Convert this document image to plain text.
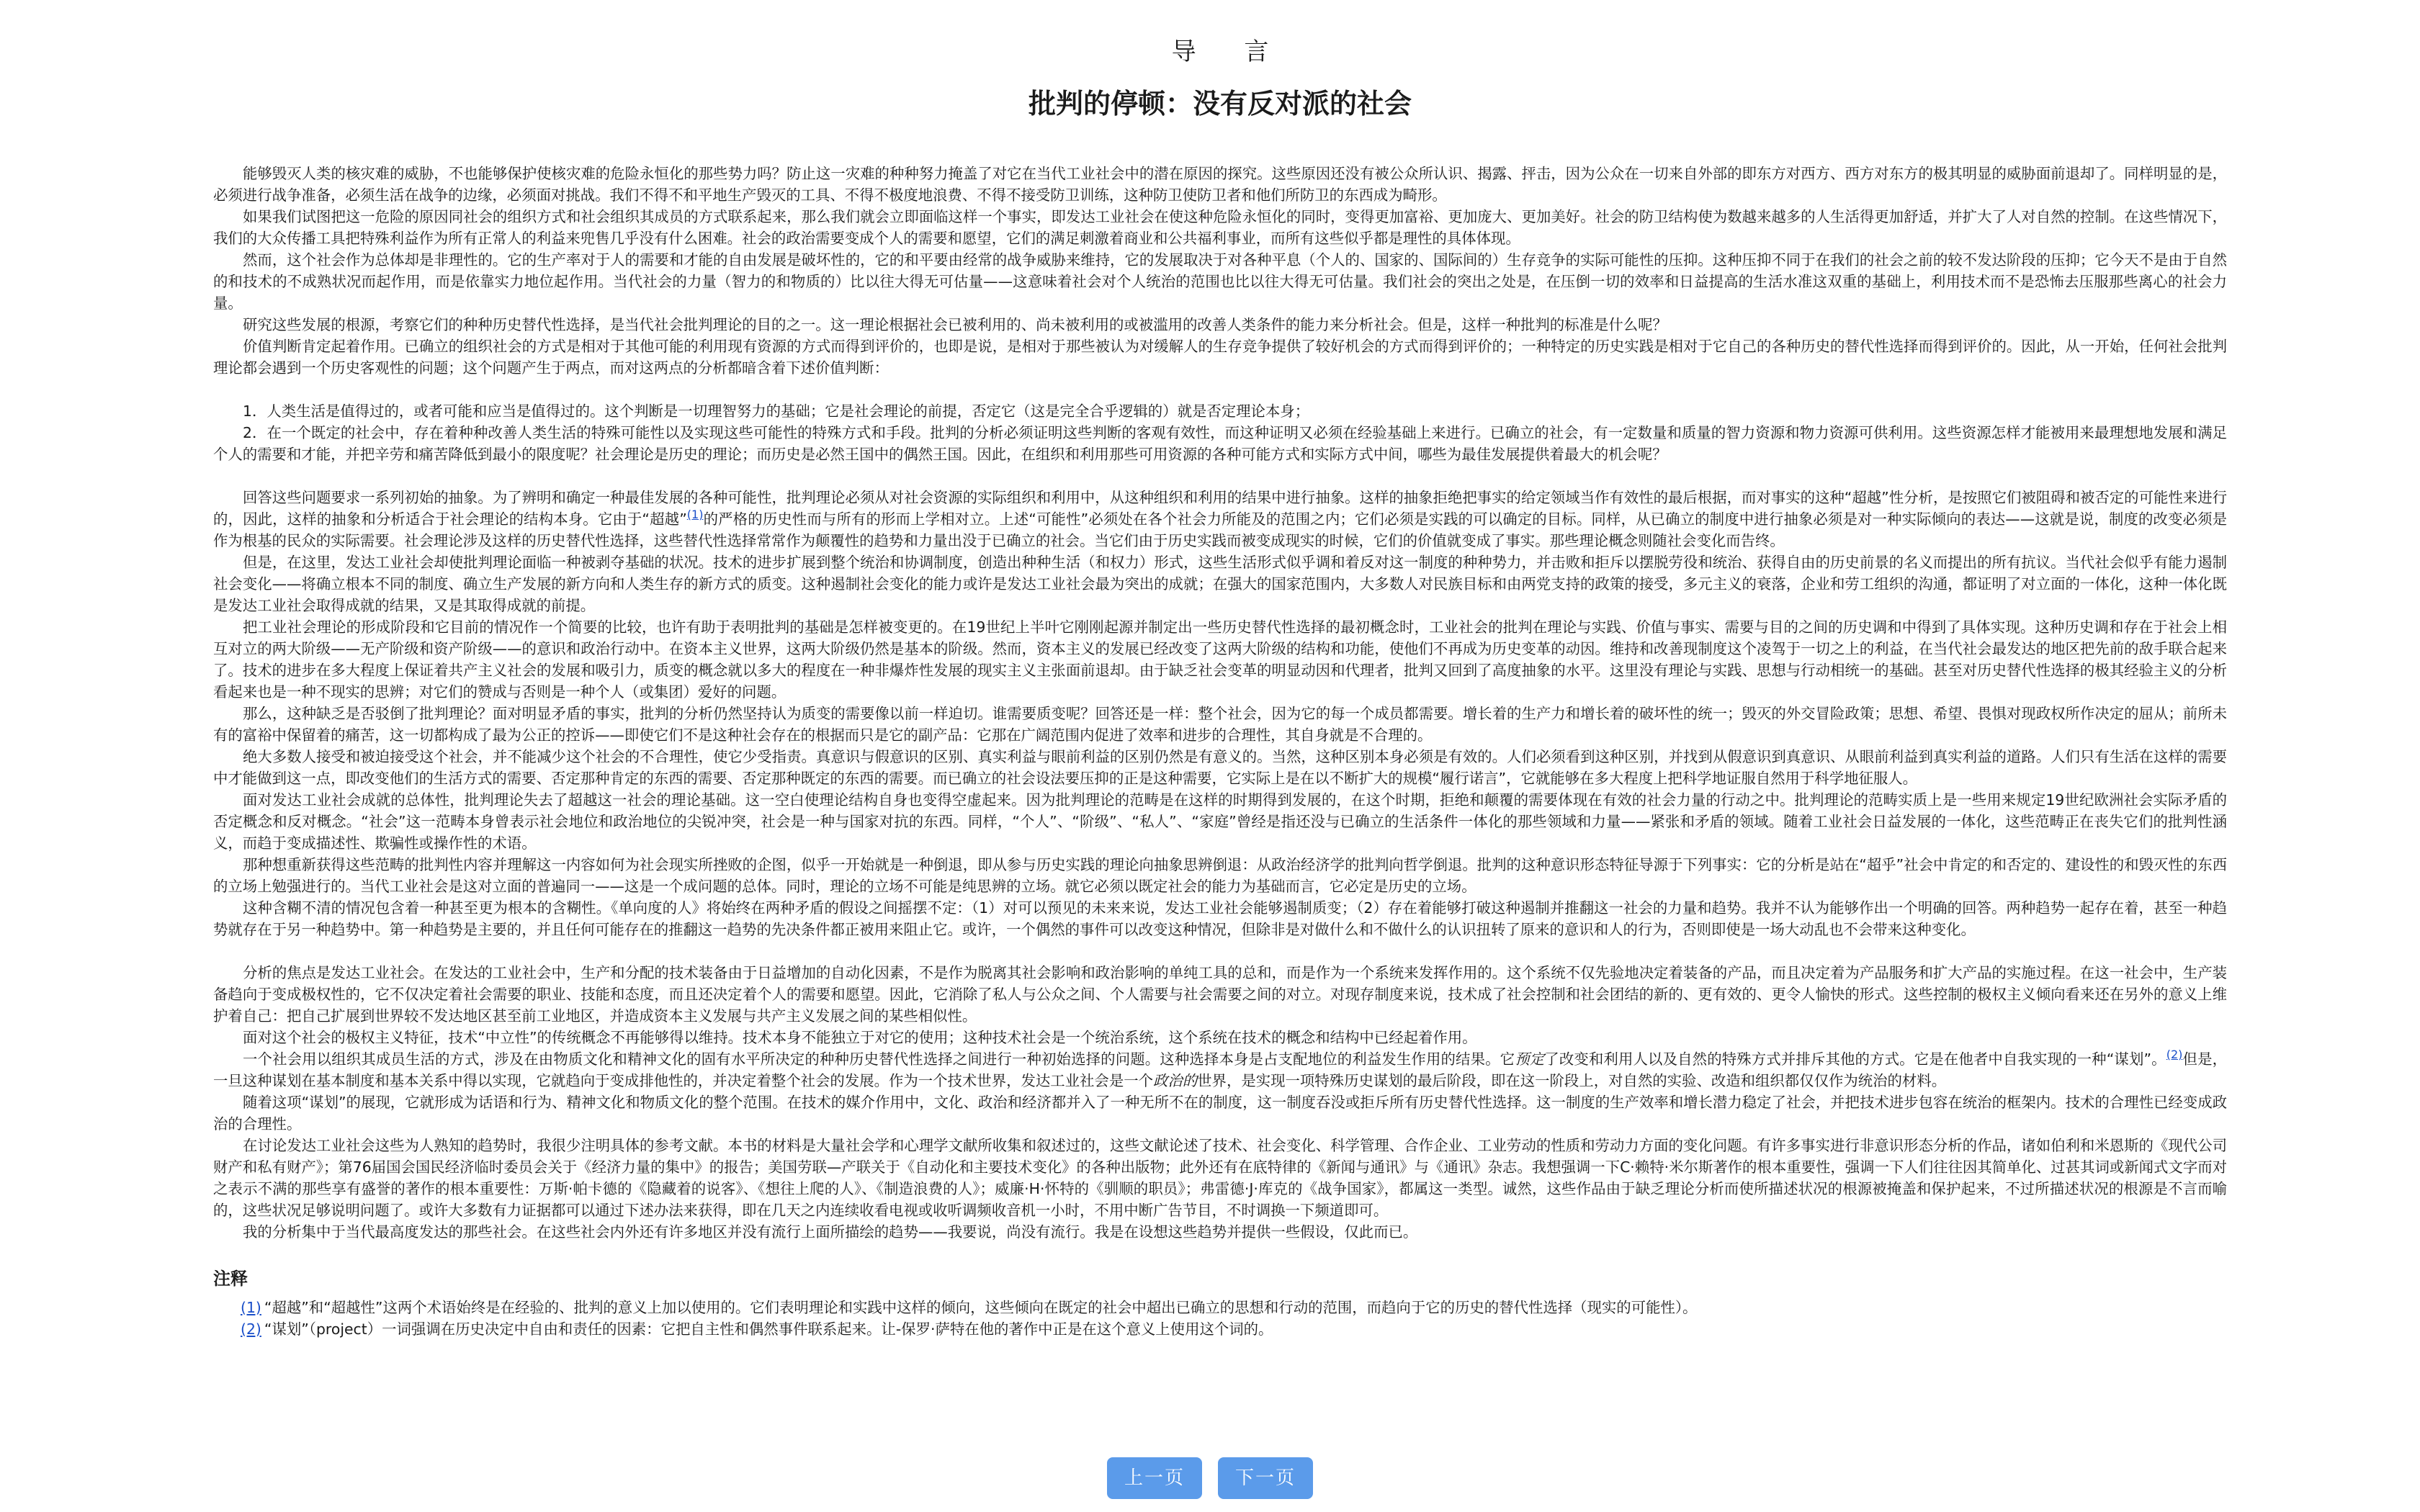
导 言
批判的停顿：没有反对派的社会

能够毁灭人类的核灾难的威胁，不也能够保护使核灾难的危险永恒化的那些势力吗？防止这一灾难的种种努力掩盖了对它在当代工业社会中的潜在原因的探究。这些原因还没有被公众所认识、揭露、抨击，因为公众在一切来自外部的即东方对西方、西方对东方的极其明显的威胁面前退却了。同样明显的是，必须进行战争准备，必须生活在战争的边缘，必须面对挑战。我们不得不和平地生产毁灭的工具、不得不极度地浪费、不得不接受防卫训练，这种防卫使防卫者和他们所防卫的东西成为畸形。

如果我们试图把这一危险的原因同社会的组织方式和社会组织其成员的方式联系起来，那么我们就会立即面临这样一个事实，即发达工业社会在使这种危险永恒化的同时，变得更加富裕、更加庞大、更加美好。社会的防卫结构使为数越来越多的人生活得更加舒适，并扩大了人对自然的控制。在这些情况下，我们的大众传播工具把特殊利益作为所有正常人的利益来兜售几乎没有什么困难。社会的政治需要变成个人的需要和愿望，它们的满足刺激着商业和公共福利事业，而所有这些似乎都是理性的具体体现。

然而，这个社会作为总体却是非理性的。它的生产率对于人的需要和才能的自由发展是破坏性的，它的和平要由经常的战争威胁来维持，它的发展取决于对各种平息（个人的、国家的、国际间的）生存竞争的实际可能性的压抑。这种压抑不同于在我们的社会之前的较不发达阶段的压抑；它今天不是由于自然的和技术的不成熟状况而起作用，而是依靠实力地位起作用。当代社会的力量（智力的和物质的）比以往大得无可估量——这意味着社会对个人统治的范围也比以往大得无可估量。我们社会的突出之处是，在压倒一切的效率和日益提高的生活水准这双重的基础上，利用技术而不是恐怖去压服那些离心的社会力量。

研究这些发展的根源，考察它们的种种历史替代性选择，是当代社会批判理论的目的之一。这一理论根据社会已被利用的、尚未被利用的或被滥用的改善人类条件的能力来分析社会。但是，这样一种批判的标准是什么呢？

价值判断肯定起着作用。已确立的组织社会的方式是相对于其他可能的利用现有资源的方式而得到评价的，也即是说，是相对于那些被认为对缓解人的生存竞争提供了较好机会的方式而得到评价的；一种特定的历史实践是相对于它自己的各种历史的替代性选择而得到评价的。因此，从一开始，任何社会批判理论都会遇到一个历史客观性的问题；这个问题产生于两点，而对这两点的分析都暗含着下述价值判断：

1．人类生活是值得过的，或者可能和应当是值得过的。这个判断是一切理智努力的基础；它是社会理论的前提，否定它（这是完全合乎逻辑的）就是否定理论本身；

2．在一个既定的社会中，存在着种种改善人类生活的特殊可能性以及实现这些可能性的特殊方式和手段。批判的分析必须证明这些判断的客观有效性，而这种证明又必须在经验基础上来进行。已确立的社会，有一定数量和质量的智力资源和物力资源可供利用。这些资源怎样才能被用来最理想地发展和满足个人的需要和才能，并把辛劳和痛苦降低到最小的限度呢？社会理论是历史的理论；而历史是必然王国中的偶然王国。因此，在组织和利用那些可用资源的各种可能方式和实际方式中间，哪些为最佳发展提供着最大的机会呢？

回答这些问题要求一系列初始的抽象。为了辨明和确定一种最佳发展的各种可能性，批判理论必须从对社会资源的实际组织和利用中，从这种组织和利用的结果中进行抽象。这样的抽象拒绝把事实的给定领域当作有效性的最后根据，而对事实的这种“超越”性分析，是按照它们被阻碍和被否定的可能性来进行的，因此，这样的抽象和分析适合于社会理论的结构本身。它由于“超越”$^{(1)}$的严格的历史性而与所有的形而上学相对立。上述“可能性”必须处在各个社会力所能及的范围之内；它们必须是实践的可以确定的目标。同样，从已确立的制度中进行抽象必须是对一种实际倾向的表达——这就是说，制度的改变必须是作为根基的民众的实际需要。社会理论涉及这样的历史替代性选择，这些替代性选择常常作为颠覆性的趋势和力量出没于已确立的社会。当它们由于历史实践而被变成现实的时候，它们的价值就变成了事实。那些理论概念则随社会变化而告终。

但是，在这里，发达工业社会却使批判理论面临一种被剥夺基础的状况。技术的进步扩展到整个统治和协调制度，创造出种种生活（和权力）形式，这些生活形式似乎调和着反对这一制度的种种势力，并击败和拒斥以摆脱劳役和统治、获得自由的历史前景的名义而提出的所有抗议。当代社会似乎有能力遏制社会变化——将确立根本不同的制度、确立生产发展的新方向和人类生存的新方式的质变。这种遏制社会变化的能力或许是发达工业社会最为突出的成就；在强大的国家范围内，大多数人对民族目标和由两党支持的政策的接受，多元主义的衰落，企业和劳工组织的沟通，都证明了对立面的一体化，这种一体化既是发达工业社会取得成就的结果，又是其取得成就的前提。

把工业社会理论的形成阶段和它目前的情况作一个简要的比较，也许有助于表明批判的基础是怎样被变更的。在19世纪上半叶它刚刚起源并制定出一些历史替代性选择的最初概念时，工业社会的批判在理论与实践、价值与事实、需要与目的之间的历史调和中得到了具体实现。这种历史调和存在于社会上相互对立的两大阶级——无产阶级和资产阶级——的意识和政治行动中。在资本主义世界，这两大阶级仍然是基本的阶级。然而，资本主义的发展已经改变了这两大阶级的结构和功能，使他们不再成为历史变革的动因。维持和改善现制度这个凌驾于一切之上的利益，在当代社会最发达的地区把先前的敌手联合起来了。技术的进步在多大程度上保证着共产主义社会的发展和吸引力，质变的概念就以多大的程度在一种非爆炸性发展的现实主义主张面前退却。由于缺乏社会变革的明显动因和代理者，批判又回到了高度抽象的水平。这里没有理论与实践、思想与行动相统一的基础。甚至对历史替代性选择的极其经验主义的分析看起来也是一种不现实的思辨；对它们的赞成与否则是一种个人（或集团）爱好的问题。

那么，这种缺乏是否驳倒了批判理论？面对明显矛盾的事实，批判的分析仍然坚持认为质变的需要像以前一样迫切。谁需要质变呢？回答还是一样：整个社会，因为它的每一个成员都需要。增长着的生产力和增长着的破坏性的统一；毁灭的外交冒险政策；思想、希望、畏惧对现政权所作决定的屈从；前所未有的富裕中保留着的痛苦，这一切都构成了最为公正的控诉——即使它们不是这种社会存在的根据而只是它的副产品：它那在广阔范围内促进了效率和进步的合理性，其自身就是不合理的。

绝大多数人接受和被迫接受这个社会，并不能减少这个社会的不合理性，使它少受指责。真意识与假意识的区别、真实利益与眼前利益的区别仍然是有意义的。当然，这种区别本身必须是有效的。人们必须看到这种区别，并找到从假意识到真意识、从眼前利益到真实利益的道路。人们只有生活在这样的需要中才能做到这一点，即改变他们的生活方式的需要、否定那种肯定的东西的需要、否定那种既定的东西的需要。而已确立的社会设法要压抑的正是这种需要，它实际上是在以不断扩大的规模“履行诺言”，它就能够在多大程度上把科学地证服自然用于科学地征服人。

面对发达工业社会成就的总体性，批判理论失去了超越这一社会的理论基础。这一空白使理论结构自身也变得空虚起来。因为批判理论的范畴是在这样的时期得到发展的，在这个时期，拒绝和颠覆的需要体现在有效的社会力量的行动之中。批判理论的范畴实质上是一些用来规定19世纪欧洲社会实际矛盾的否定概念和反对概念。“社会”这一范畴本身曾表示社会地位和政治地位的尖锐冲突，社会是一种与国家对抗的东西。同样，“个人”、“阶级”、“私人”、“家庭”曾经是指还没与已确立的生活条件一体化的那些领域和力量——紧张和矛盾的领域。随着工业社会日益发展的一体化，这些范畴正在丧失它们的批判性涵义，而趋于变成描述性、欺骗性或操作性的术语。

那种想重新获得这些范畴的批判性内容并理解这一内容如何为社会现实所挫败的企图，似乎一开始就是一种倒退，即从参与历史实践的理论向抽象思辨倒退：从政治经济学的批判向哲学倒退。批判的这种意识形态特征导源于下列事实：它的分析是站在“超乎”社会中肯定的和否定的、建设性的和毁灭性的东西的立场上勉强进行的。当代工业社会是这对立面的普遍同一——这是一个成问题的总体。同时，理论的立场不可能是纯思辨的立场。就它必须以既定社会的能力为基础而言，它必定是历史的立场。

这种含糊不清的情况包含着一种甚至更为根本的含糊性。《单向度的人》将始终在两种矛盾的假设之间摇摆不定：（1）对可以预见的未来来说，发达工业社会能够遏制质变；（2）存在着能够打破这种遏制并推翻这一社会的力量和趋势。我并不认为能够作出一个明确的回答。两种趋势一起存在着，甚至一种趋势就存在于另一种趋势中。第一种趋势是主要的，并且任何可能存在的推翻这一趋势的先决条件都正被用来阻止它。或许，一个偶然的事件可以改变这种情况，但除非是对做什么和不做什么的认识扭转了原来的意识和人的行为，否则即使是一场大动乱也不会带来这种变化。

分析的焦点是发达工业社会。在发达的工业社会中，生产和分配的技术装备由于日益增加的自动化因素，不是作为脱离其社会影响和政治影响的单纯工具的总和，而是作为一个系统来发挥作用的。这个系统不仅先验地决定着装备的产品，而且决定着为产品服务和扩大产品的实施过程。在这一社会中，生产装备趋向于变成极权性的，它不仅决定着社会需要的职业、技能和态度，而且还决定着个人的需要和愿望。因此，它消除了私人与公众之间、个人需要与社会需要之间的对立。对现存制度来说，技术成了社会控制和社会团结的新的、更有效的、更令人愉快的形式。这些控制的极权主义倾向看来还在另外的意义上维护着自己：把自己扩展到世界较不发达地区甚至前工业地区，并造成资本主义发展与共产主义发展之间的某些相似性。

面对这个社会的极权主义特征，技术“中立性”的传统概念不再能够得以维持。技术本身不能独立于对它的使用；这种技术社会是一个统治系统，这个系统在技术的概念和结构中已经起着作用。

一个社会用以组织其成员生活的方式，涉及在由物质文化和精神文化的固有水平所决定的种种历史替代性选择之间进行一种初始选择的问题。这种选择本身是占支配地位的利益发生作用的结果。它预定了改变和利用人以及自然的特殊方式并排斥其他的方式。它是在他者中自我实现的一种“谋划”。$^{(2)}$但是，一旦这种谋划在基本制度和基本关系中得以实现，它就趋向于变成排他性的，并决定着整个社会的发展。作为一个技术世界，发达工业社会是一个政治的世界，是实现一项特殊历史谋划的最后阶段，即在这一阶段上，对自然的实验、改造和组织都仅仅作为统治的材料。

随着这项“谋划”的展现，它就形成为话语和行为、精神文化和物质文化的整个范围。在技术的媒介作用中，文化、政治和经济都并入了一种无所不在的制度，这一制度吞没或拒斥所有历史替代性选择。这一制度的生产效率和增长潜力稳定了社会，并把技术进步包容在统治的框架内。技术的合理性已经变成政治的合理性。

在讨论发达工业社会这些为人熟知的趋势时，我很少注明具体的参考文献。本书的材料是大量社会学和心理学文献所收集和叙述过的，这些文献论述了技术、社会变化、科学管理、合作企业、工业劳动的性质和劳动力方面的变化问题。有许多事实进行非意识形态分析的作品，诸如伯利和米恩斯的《现代公司财产和私有财产》；第76届国会国民经济临时委员会关于《经济力量的集中》的报告；美国劳联—产联关于《自动化和主要技术变化》的各种出版物；此外还有在底特律的《新闻与通讯》与《通讯》杂志。我想强调一下C·赖特·米尔斯著作的根本重要性，强调一下人们往往因其简单化、过甚其词或新闻式文字而对之表示不满的那些享有盛誉的著作的根本重要性：万斯·帕卡德的《隐藏着的说客》、《想往上爬的人》、《制造浪费的人》；威廉·H·怀特的《驯顺的职员》；弗雷德·J·库克的《战争国家》，都属这一类型。诚然，这些作品由于缺乏理论分析而使所描述状况的根源被掩盖和保护起来，不过所描述状况的根源是不言而喻的，这些状况足够说明问题了。或许大多数有力证据都可以通过下述办法来获得，即在几天之内连续收看电视或收听调频收音机一小时，不用中断广告节目，不时调换一下频道即可。

我的分析集中于当代最高度发达的那些社会。在这些社会内外还有许多地区并没有流行上面所描绘的趋势——我要说，尚没有流行。我是在设想这些趋势并提供一些假设，仅此而已。

注释

(1) “超越”和“超越性”这两个术语始终是在经验的、批判的意义上加以使用的。它们表明理论和实践中这样的倾向，这些倾向在既定的社会中超出已确立的思想和行动的范围，而趋向于它的历史的替代性选择（现实的可能性）。

(2) “谋划”（project）一词强调在历史决定中自由和责任的因素：它把自主性和偶然事件联系起来。让-保罗·萨特在他的著作中正是在这个意义上使用这个词的。

上一页	下一页
